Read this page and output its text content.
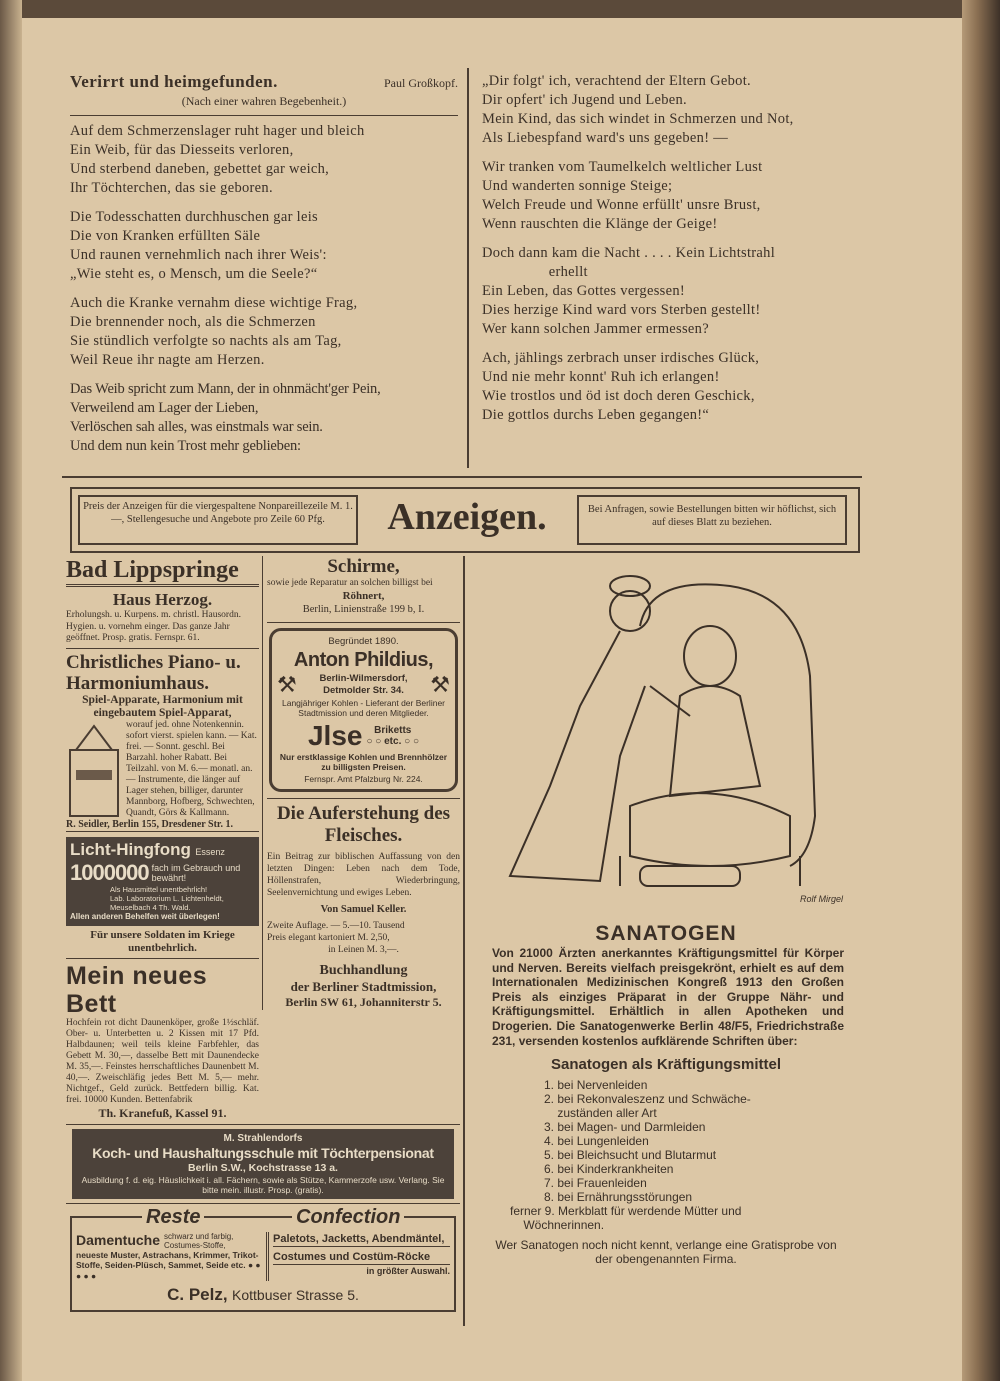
Verirrt und heimgefunden.	Paul Großkopf.
(Nach einer wahren Begebenheit.)

Auf dem Schmerzenslager ruht hager und bleich
Ein Weib, für das Diesseits verloren,
Und sterbend daneben, gebettet gar weich,
Ihr Töchterchen, das sie geboren.

Die Todesschatten durchhuschen gar leis
Die von Kranken erfüllten Säle
Und raunen vernehmlich nach ihrer Weis':
„Wie steht es, o Mensch, um die Seele?“

Auch die Kranke vernahm diese wichtige Frag,
Die brennender noch, als die Schmerzen
Sie stündlich verfolgte so nachts als am Tag,
Weil Reue ihr nagte am Herzen.

Das Weib spricht zum Mann, der in ohnmächt'ger Pein,
Verweilend am Lager der Lieben,
Verlöschen sah alles, was einstmals war sein.
Und dem nun kein Trost mehr geblieben:

„Dir folgt' ich, verachtend der Eltern Gebot.
Dir opfert' ich Jugend und Leben.
Mein Kind, das sich windet in Schmerzen und Not,
Als Liebespfand ward's uns gegeben! —

Wir tranken vom Taumelkelch weltlicher Lust
Und wanderten sonnige Steige;
Welch Freude und Wonne erfüllt' unsre Brust,
Wenn rauschten die Klänge der Geige!

Doch dann kam die Nacht . . . . Kein Lichtstrahl
erhellt
Ein Leben, das Gottes vergessen!
Dies herzige Kind ward vors Sterben gestellt!
Wer kann solchen Jammer ermessen?

Ach, jählings zerbrach unser irdisches Glück,
Und nie mehr konnt' Ruh ich erlangen!
Wie trostlos und öd ist doch deren Geschick,
Die gottlos durchs Leben gegangen!“

Preis der Anzeigen für die viergespaltene Nonpareillezeile M. 1.—, Stellengesuche und Angebote pro Zeile 60 Pfg.	Anzeigen.	Bei Anfragen, sowie Bestellungen bitten wir höflichst, sich auf dieses Blatt zu beziehen.
Bad Lippspringe
Haus Herzog.
Erholungsh. u. Kurpens. m. christl. Hausordn. Hygien. u. vornehm einger. Das ganze Jahr geöffnet. Prosp. gratis. Fernspr. 61.
Christliches Piano- u. Harmoniumhaus.
Spiel-Apparate, Harmonium mit eingebautem Spiel-Apparat,
worauf jed. ohne Notenkennin. sofort vierst. spielen kann. — Kat. frei. — Sonnt. geschl. Bei Barzahl. hoher Rabatt. Bei Teilzahl. von M. 6.— monatl. an. — Instrumente, die länger auf Lager stehen, billiger, darunter Mannborg, Hofberg, Schwechten, Quandt, Görs & Kallmann.
R. Seidler, Berlin 155, Dresdener Str. 1.
Licht-Hingfong Essenz
1000000 fach im Gebrauch und bewährt!
Als Hausmittel unentbehrlich!
Lab. Laboratorium L. Lichtenheldt, Meuselbach 4 Th. Wald.
Allen anderen Behelfen weit überlegen!
Für unsere Soldaten im Kriege unentbehrlich.
Mein neues Bett
Hochfein rot dicht Daunenköper, große 1½schläf. Ober- u. Unterbetten u. 2 Kissen mit 17 Pfd. Halbdaunen; weil teils kleine Farbfehler, das Gebett M. 30,—, dasselbe Bett mit Daunendecke M. 35,—. Feinstes herrschaftliches Daunenbett M. 40,—. Zweischläfig jedes Bett M. 5,— mehr. Nichtgef., Geld zurück. Bettfedern billig. Kat. frei. 10000 Kunden. Bettenfabrik
Th. Kranefuß, Kassel 91.
Schirme,
sowie jede Reparatur an solchen billigst bei
Röhnert,
Berlin, Linienstraße 199 b, I.
Begründet 1890.
Anton Phildius,
⚒ Berlin-Wilmersdorf,
Detmolder Str. 34. ⚒
Langjähriger Kohlen - Lieferant der Berliner Stadtmission und deren Mitglieder.
Jlse	Briketts
○ ○ etc. ○ ○
Nur erstklassige Kohlen und Brennhölzer zu billigsten Preisen.
Fernspr. Amt Pfalzburg Nr. 224.
Die Auferstehung des Fleisches.
Ein Beitrag zur biblischen Auffassung von den letzten Dingen: Leben nach dem Tode, Höllenstrafen, Wiederbringung, Seelenvernichtung und ewiges Leben.
Von Samuel Keller.
Zweite Auflage. — 5.—10. Tausend
Preis elegant kartoniert M. 2,50,
in Leinen M. 3,—.
Buchhandlung
der Berliner Stadtmission,
Berlin SW 61, Johanniterstr 5.
M. Strahlendorfs
Koch- und Haushaltungsschule mit Töchterpensionat
Berlin S.W., Kochstrasse 13 a.
Ausbildung f. d. eig. Häuslichkeit i. all. Fächern, sowie als Stütze, Kammerzofe usw. Verlang. Sie bitte mein. illustr. Prosp. (gratis).
Reste	Confection
Damentuche schwarz und farbig, Costumes-Stoffe,
neueste Muster, Astrachans, Krimmer, Trikot-Stoffe, Seiden-Plüsch, Sammet, Seide etc. ● ● ● ● ●
Paletots, Jacketts, Abendmäntel,
Costumes und Costüm-Röcke
in größter Auswahl.
C. Pelz, Kottbuser Strasse 5.
Rolf Mirgel
SANATOGEN
Von 21000 Ärzten anerkanntes Kräftigungsmittel für Körper und Nerven. Bereits vielfach preisgekrönt, erhielt es auf dem Internationalen Medizinischen Kongreß 1913 den Großen Preis als einziges Präparat in der Gruppe Nähr- und Kräftigungsmittel. Erhältlich in allen Apotheken und Drogerien. Die Sanatogenwerke Berlin 48/F5, Friedrichstraße 231, versenden kostenlos aufklärende Schriften über:
Sanatogen als Kräftigungsmittel
1. bei Nervenleiden
2. bei Rekonvaleszenz und Schwäche-
zuständen aller Art
3. bei Magen- und Darmleiden
4. bei Lungenleiden
5. bei Bleichsucht und Blutarmut
6. bei Kinderkrankheiten
7. bei Frauenleiden
8. bei Ernährungsstörungen
ferner 9. Merkblatt für werdende Mütter und
Wöchnerinnen.
Wer Sanatogen noch nicht kennt, verlange eine Gratisprobe von der obengenannten Firma.
